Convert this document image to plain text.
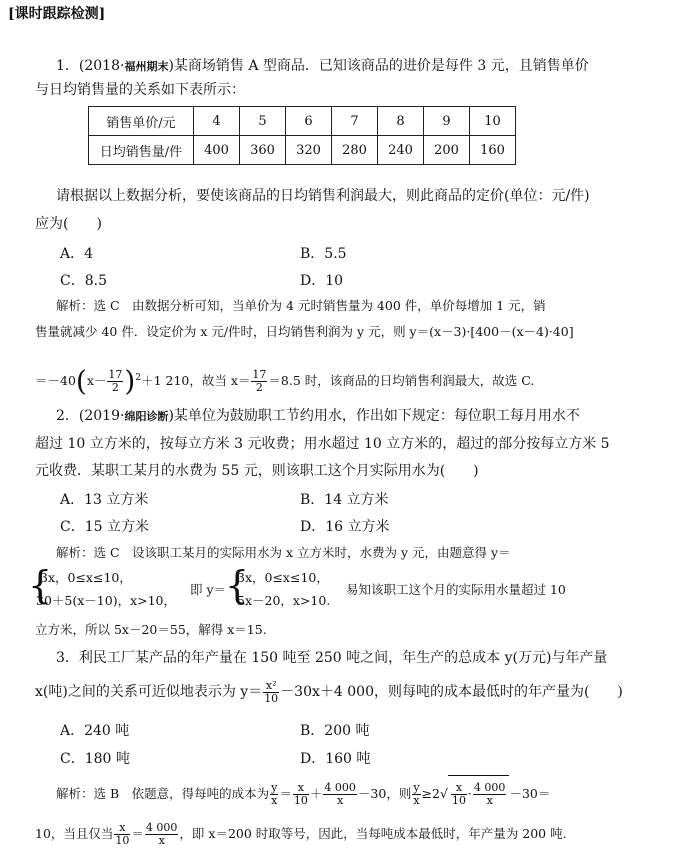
[课时跟踪检测]
1．(2018·福州期末)某商场销售 A 型商品．已知该商品的进价是每件 3 元，且销售单价
与日均销售量的关系如下表所示：
销售单价/元	4	5	6	7	8	9	10
日均销售量/件	400	360	320	280	240	200	160
请根据以上数据分析，要使该商品的日均销售利润最大，则此商品的定价(单位：元/件)
应为(　　)
A．4	B．5.5
C．8.5	D．10
解析：选 C　由数据分析可知，当单价为 4 元时销售量为 400 件，单价每增加 1 元，销
售量就减少 40 件．设定价为 x 元/件时，日均销售利润为 y 元，则 y＝(x－3)·[400－(x－4)·40]
$=-40(x- \frac{17}{2} )^2+1$ 210，故当 $x= \frac{17}{2} =8.5$ 时，该商品的日均销售利润最大，故选 C.
2．(2019·绵阳诊断)某单位为鼓励职工节约用水，作出如下规定：每位职工每月用水不
超过 10 立方米的，按每立方米 3 元收费；用水超过 10 立方米的，超过的部分按每立方米 5
元收费．某职工某月的水费为 55 元，则该职工这个月实际用水为(　　)
A．13 立方米	B．14 立方米
C．15 立方米	D．16 立方米
解析：选 C　设该职工某月的实际用水为 x 立方米时，水费为 y 元，由题意得 y＝
{
3x，0≤x≤10，
30＋5(x－10)，x>10，
即 y＝
{
3x，0≤x≤10，
5x－20，x>10.
易知该职工这个月的实际用水量超过 10
立方米，所以 5x－20＝55，解得 x＝15.
3．利民工厂某产品的年产量在 150 吨至 250 吨之间，年生产的总成本 y(万元)与年产量
x(吨)之间的关系可近似地表示为 $y= \frac{\text{x²}}{10} -30x+4$ 000，则每吨的成本最低时的年产量为(　　)
A．240 吨	B．200 吨
C．180 吨	D．160 吨
解析：选 B　依题意，得每吨的成本为 $\frac{y}{x} = \frac{x}{10} + \frac{4 000}{x} -30$，则 $\frac{y}{x} \ge 2√ \frac{x}{10} \cdot \frac{4 000}{x} -30=$
10，当且仅当 $\frac{x}{10} = \frac{4 000}{x}$ ，即 x＝200 时取等号，因此，当每吨成本最低时，年产量为 200 吨.
